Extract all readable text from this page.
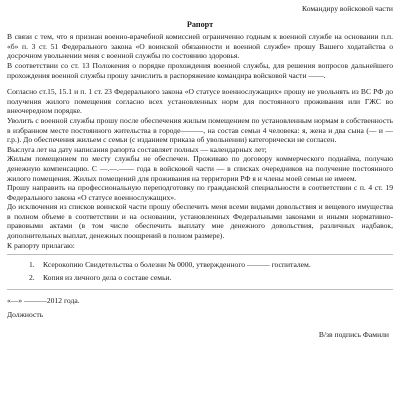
Командиру войсковой части
Рапорт

В связи с тем, что я признан военно-врачебной комиссией ограниченно годным к военной службе на основании п.п. «б» п. 3 ст. 51 Федерального закона «О воинской обязанности и военной службе» прошу Вашего ходатайства о досрочном увольнении меня с военной службы по состоянию здоровья.

В соответствии со ст. 13 Положения о порядке прохождения военной службы, для решения вопросов дальнейшего прохождения военной службы прошу зачислить в распоряжение командира войсковой части ——.

Согласно ст.15, 15.1 и п. 1 ст. 23 Федерального закона «О статусе военнослужащих» прошу не увольнять из ВС РФ до получения жилого помещения согласно всех установленных норм для постоянного проживания или ГЖС во внеочередном порядке.

Уволить с военной службы прошу после обеспечения жилым помещением по установленным нормам в собственность в избранном месте постоянного жительства в городе———, на состав семьи 4 человека: я, жена и два сына (— и — г.р.). До обеспечения жильем с семьи (с изданием приказа об увольнении) категорически не согласен.

Выслуга лет на дату написания рапорта составляет полных — календарных лет;

Жилым помещением по месту службы не обеспечен. Проживаю по договору коммерческого поднайма, получаю денежную компенсацию. С —.—.—— года в войсковой части — в списках очередников на получение постоянного жилого помещения. Жилых помещений для проживания на территории РФ я и члены моей семьи не имеем.

Прошу направить на профессиональную переподготовку по гражданской специальности в соответствии с п. 4 ст. 19 Федерального закона «О статусе военнослужащих».

До исключения из списков воинской части прошу обеспечить меня всеми видами довольствия и вещевого имущества в полном объеме в соответствии и на основании, установленных Федеральными законами и иными нормативно-правовыми актами (в том числе обеспечить выплату мне денежного довольствия, различных надбавок, дополнительных выплат, денежных поощрений в полном размере).

К рапорту прилагаю:

1.	Ксерокопию Свидетельства о болезни № 0000, утвержденного ——— госпиталем.
2.	Копия из личного дела о составе семьи.
«—» ———2012 года.
Должность
В/зв подпись Фамили
